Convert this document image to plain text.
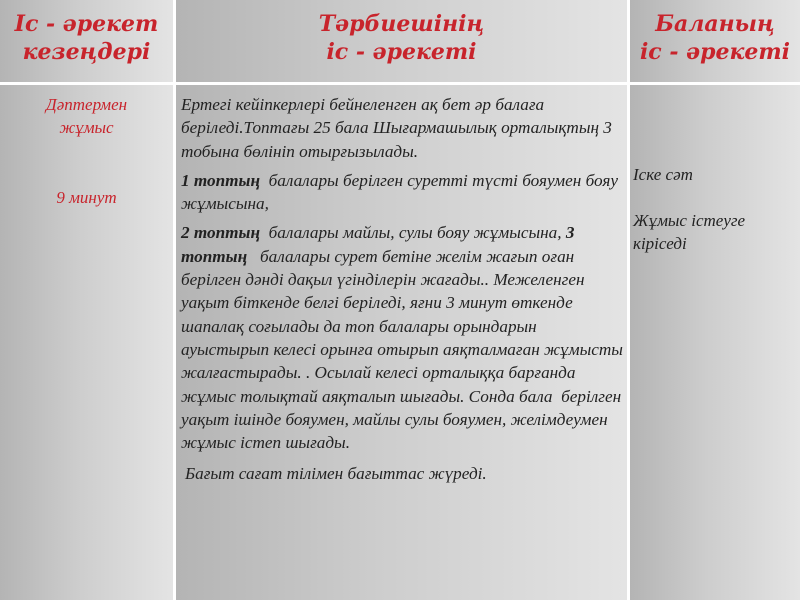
Іс - әрекет
кезеңдері
Тәрбиешінің
іс - әрекеті
Баланың
іс - әрекеті
Дәптермен
жұмыс
9 минут

Ертегі кейіпкерлері бейнеленген ақ бет әр балаға беріледі.Топтағы 25 бала Шығармашылық орталықтың 3 тобына бөлініп отырғызылады.

1 топтың  балалары берілген суретті түсті бояумен бояу жұмысына,

2 топтың  балалары майлы, сулы бояу жұмысына, 3 топтың   балалары сурет бетіне желім жағып оған берілген дәнді дақыл үгінділерін жағады.. Межеленген уақыт біткенде белгі беріледі, яғни 3 минут өткенде шапалақ соғылады да топ балалары орындарын ауыстырып келесі орынға отырып аяқталмаған жұмысты жалғастырады. . Осылай келесі орталыққа барғанда жұмыс толықтай аяқталып шығады. Сонда бала  берілген уақыт ішінде бояумен, майлы сулы бояумен, желімдеумен жұмыс істеп шығады.

Бағыт сағат тілімен бағыттас жүреді.

Іске сәт
Жұмыс істеуге кіріседі
